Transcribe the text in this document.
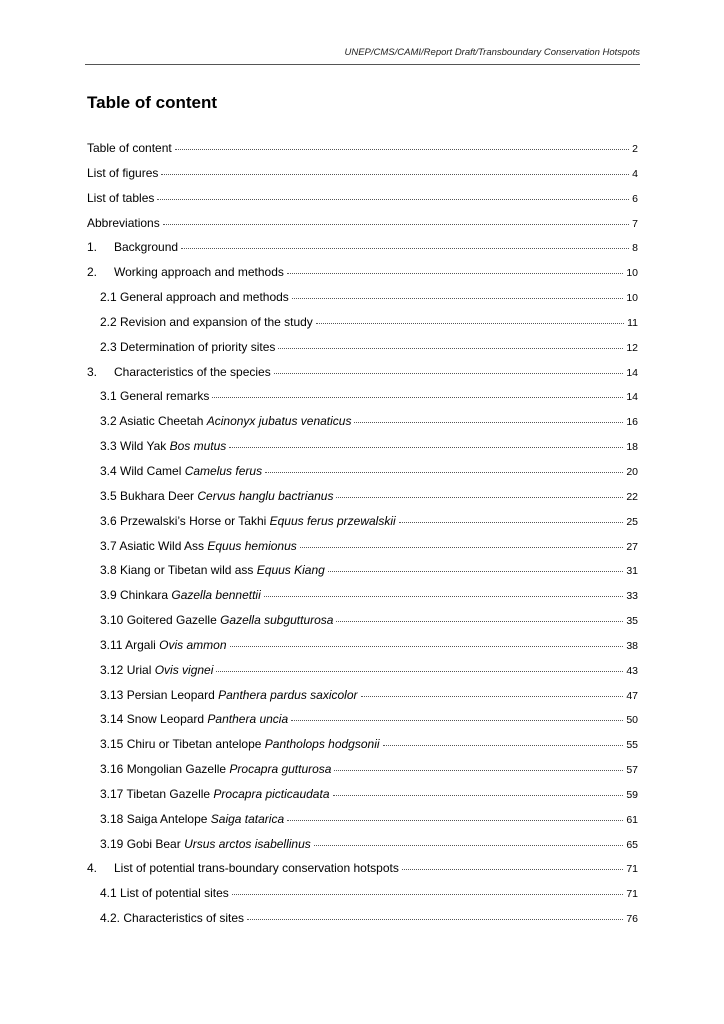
UNEP/CMS/CAMI/Report Draft/Transboundary Conservation Hotspots
Table of content
Table of content	2
List of figures	4
List of tables	6
Abbreviations	7
1. Background	8
2. Working approach and methods	10
2.1 General approach and methods	10
2.2 Revision and expansion of the study	11
2.3 Determination of priority sites	12
3. Characteristics of the species	14
3.1 General remarks	14
3.2 Asiatic Cheetah Acinonyx jubatus venaticus	16
3.3 Wild Yak Bos mutus	18
3.4 Wild Camel Camelus ferus	20
3.5 Bukhara Deer Cervus hanglu bactrianus	22
3.6 Przewalski’s Horse or Takhi Equus ferus przewalskii	25
3.7 Asiatic Wild Ass Equus hemionus	27
3.8 Kiang or Tibetan wild ass Equus Kiang	31
3.9 Chinkara Gazella bennettii	33
3.10 Goitered Gazelle Gazella subgutturosa	35
3.11 Argali Ovis ammon	38
3.12 Urial Ovis vignei	43
3.13 Persian Leopard Panthera pardus saxicolor	47
3.14 Snow Leopard Panthera uncia	50
3.15 Chiru or Tibetan antelope Pantholops hodgsonii	55
3.16 Mongolian Gazelle Procapra gutturosa	57
3.17 Tibetan Gazelle Procapra picticaudata	59
3.18 Saiga Antelope Saiga tatarica	61
3.19 Gobi Bear Ursus arctos isabellinus	65
4. List of potential trans-boundary conservation hotspots	71
4.1 List of potential sites	71
4.2. Characteristics of sites	76
